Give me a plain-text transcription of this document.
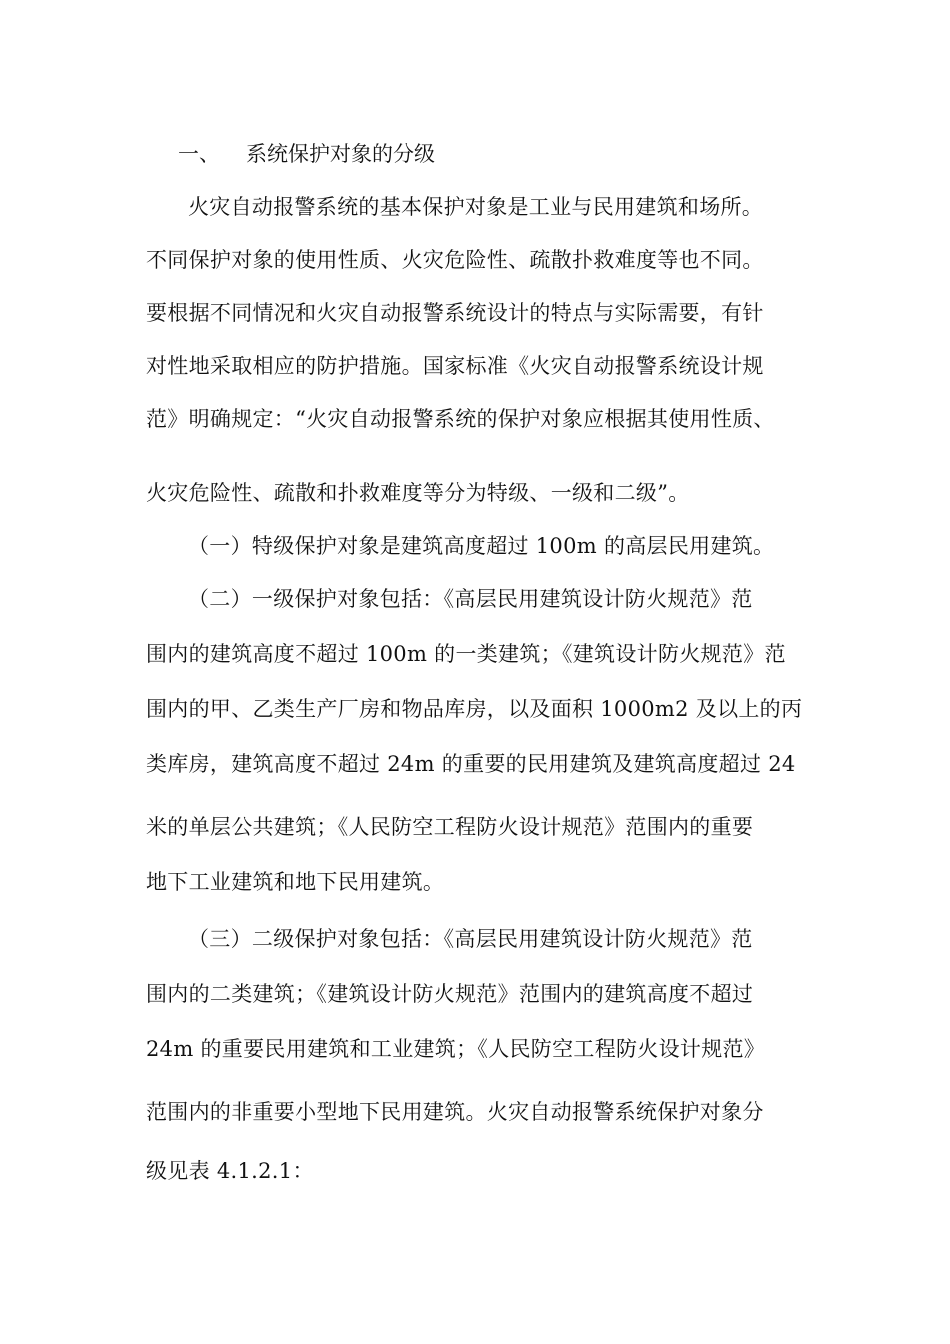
一、 系统保护对象的分级
火灾自动报警系统的基本保护对象是工业与民用建筑和场所。
不同保护对象的使用性质、火灾危险性、疏散扑救难度等也不同。
要根据不同情况和火灾自动报警系统设计的特点与实际需要，有针
对性地采取相应的防护措施。国家标准《火灾自动报警系统设计规
范》明确规定：“火灾自动报警系统的保护对象应根据其使用性质、
火灾危险性、疏散和扑救难度等分为特级、一级和二级”。
（一）特级保护对象是建筑高度超过 100m 的高层民用建筑。
（二）一级保护对象包括：《高层民用建筑设计防火规范》范
围内的建筑高度不超过 100m 的一类建筑；《建筑设计防火规范》范
围内的甲、乙类生产厂房和物品库房，以及面积 1000m2 及以上的丙
类库房，建筑高度不超过 24m 的重要的民用建筑及建筑高度超过 24
米的单层公共建筑；《人民防空工程防火设计规范》范围内的重要
地下工业建筑和地下民用建筑。
（三）二级保护对象包括：《高层民用建筑设计防火规范》范
围内的二类建筑；《建筑设计防火规范》范围内的建筑高度不超过
24m 的重要民用建筑和工业建筑；《人民防空工程防火设计规范》
范围内的非重要小型地下民用建筑。火灾自动报警系统保护对象分
级见表 4.1.2.1：
